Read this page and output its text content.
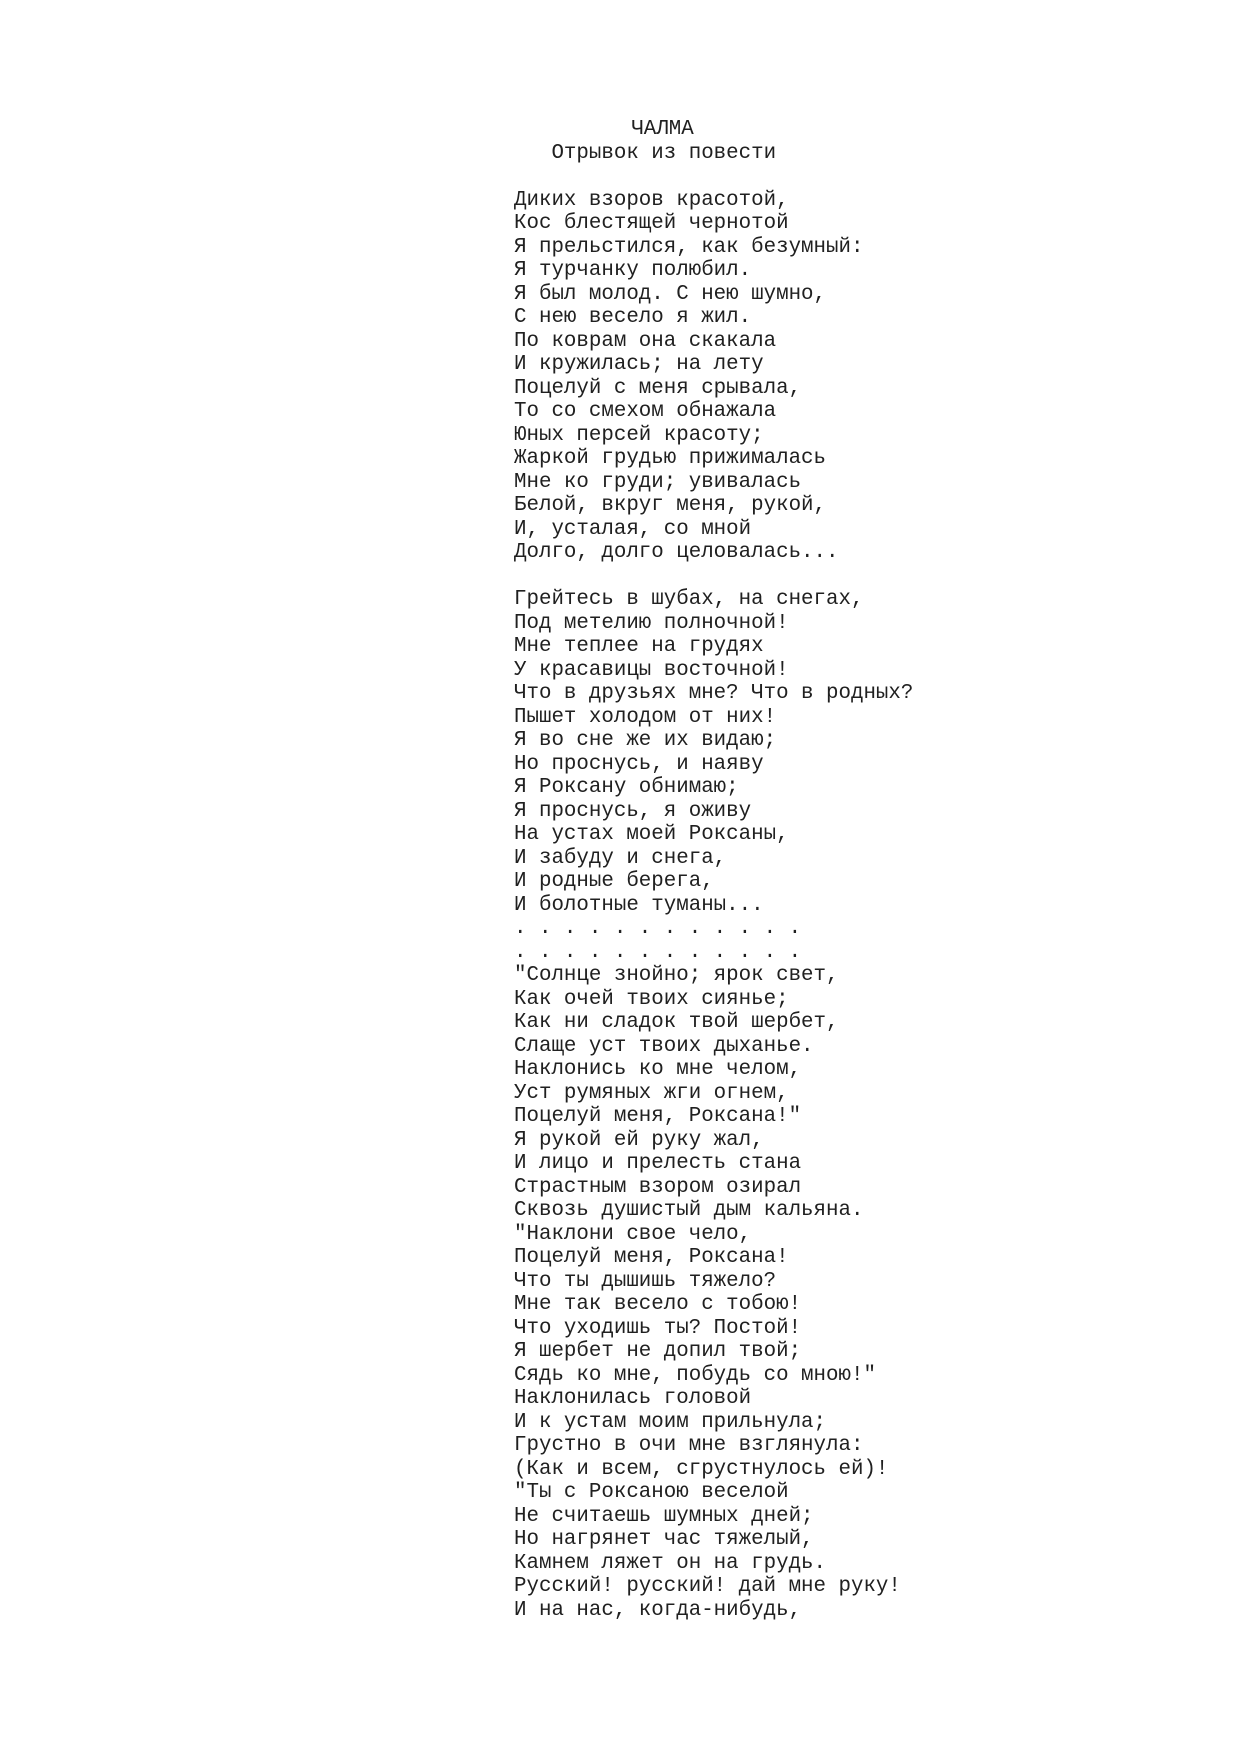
ЧАЛМА
Отрывок из повести
Диких взоров красотой,
Кос блестящей чернотой
Я прельстился, как безумный:
Я турчанку полюбил.
Я был молод. С нею шумно,
С нею весело я жил.
По коврам она скакала
И кружилась; на лету
Поцелуй с меня срывала,
То со смехом обнажала
Юных персей красоту;
Жаркой грудью прижималась
Мне ко груди; увивалась
Белой, вкруг меня, рукой,
И, усталая, со мной
Долго, долго целовалась...
Грейтесь в шубах, на снегах,
Под метелию полночной!
Мне теплее на грудях
У красавицы восточной!
Что в друзьях мне? Что в родных?
Пышет холодом от них!
Я во сне же их видаю;
Но проснусь, и наяву
Я Роксану обнимаю;
Я проснусь, я оживу
На устах моей Роксаны,
И забуду и снега,
И родные берега,
И болотные туманы...
. . . . . . . . . . . .
. . . . . . . . . . . .
"Солнце знойно; ярок свет,
Как очей твоих сиянье;
Как ни сладок твой шербет,
Слаще уст твоих дыханье.
Наклонись ко мне челом,
Уст румяных жги огнем,
Поцелуй меня, Роксана!"
Я рукой ей руку жал,
И лицо и прелесть стана
Страстным взором озирал
Сквозь душистый дым кальяна.
"Наклони свое чело,
Поцелуй меня, Роксана!
Что ты дышишь тяжело?
Мне так весело с тобою!
Что уходишь ты? Постой!
Я шербет не допил твой;
Сядь ко мне, побудь со мною!"
Наклонилась головой
И к устам моим прильнула;
Грустно в очи мне взглянула:
(Как и всем, сгрустнулось ей)!
"Ты с Роксаною веселой
Не считаешь шумных дней;
Но нагрянет час тяжелый,
Камнем ляжет он на грудь.
Русский! русский! дай мне руку!
И на нас, когда-нибудь,
